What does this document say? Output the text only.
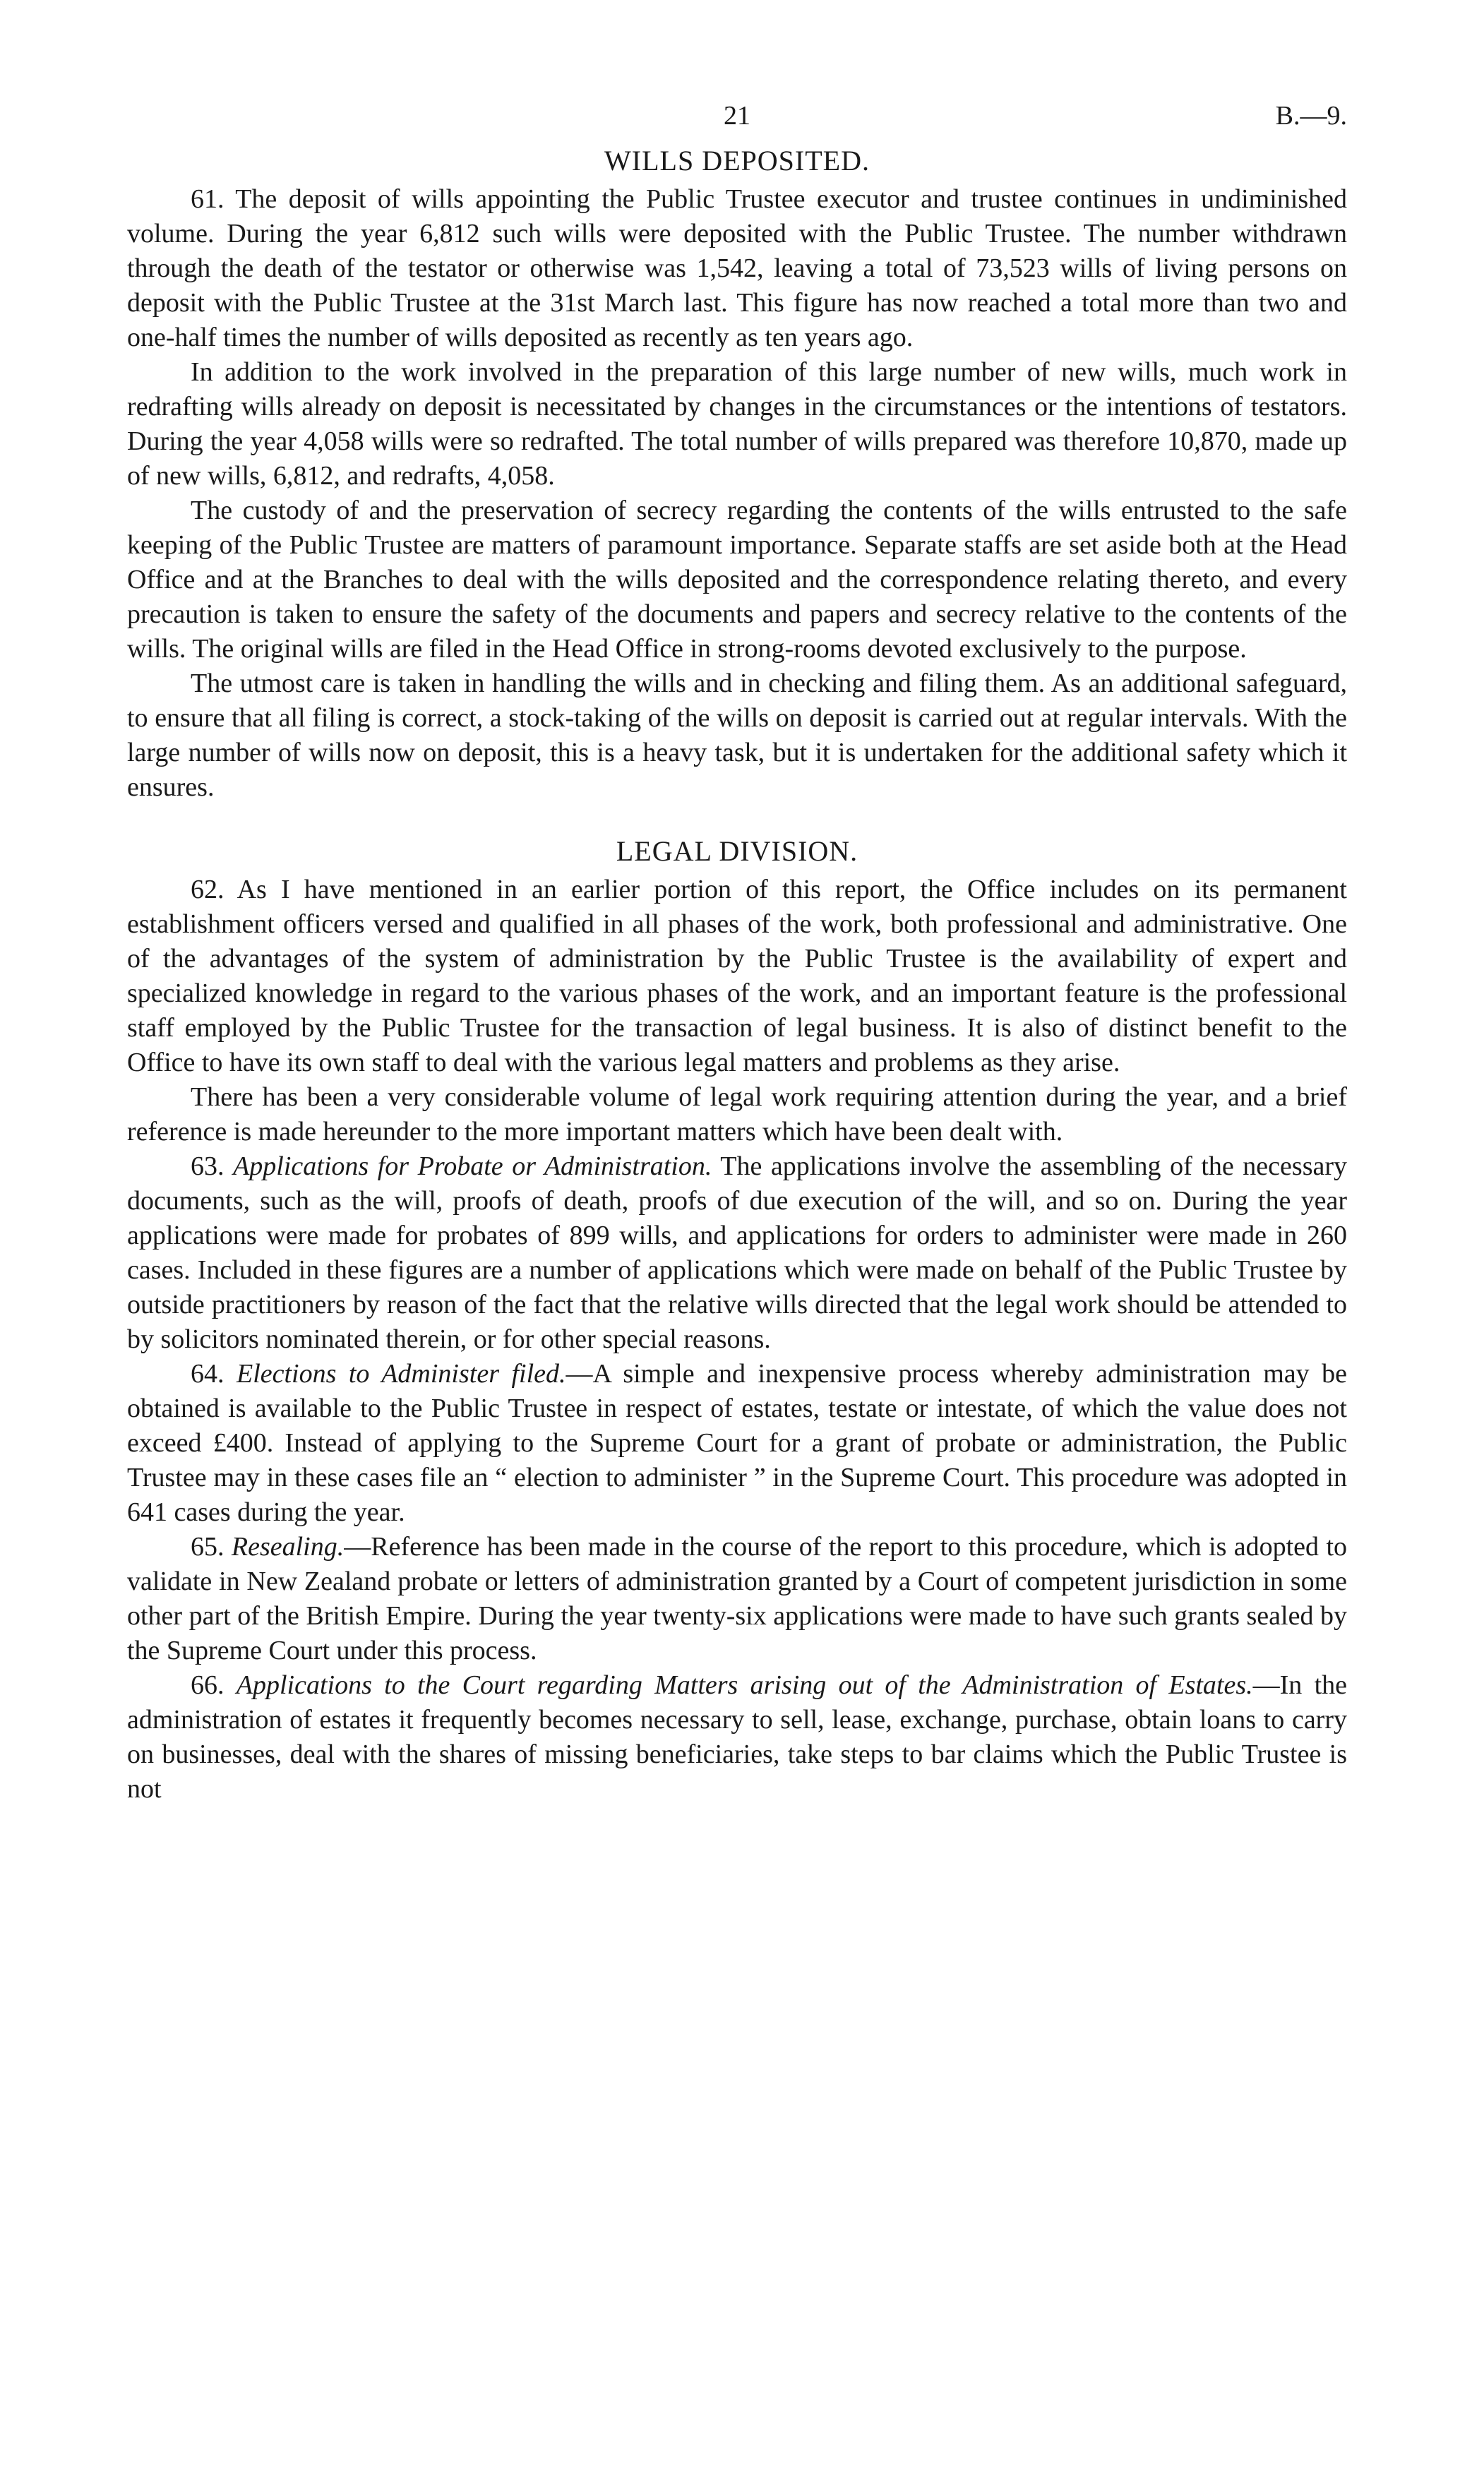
21	B.—9.
WILLS DEPOSITED.

61. The deposit of wills appointing the Public Trustee executor and trustee continues in undiminished volume. During the year 6,812 such wills were deposited with the Public Trustee. The number withdrawn through the death of the testator or otherwise was 1,542, leaving a total of 73,523 wills of living persons on deposit with the Public Trustee at the 31st March last. This figure has now reached a total more than two and one-half times the number of wills deposited as recently as ten years ago.

In addition to the work involved in the preparation of this large number of new wills, much work in redrafting wills already on deposit is necessitated by changes in the circumstances or the intentions of testators. During the year 4,058 wills were so redrafted. The total number of wills prepared was therefore 10,870, made up of new wills, 6,812, and redrafts, 4,058.

The custody of and the preservation of secrecy regarding the contents of the wills entrusted to the safe keeping of the Public Trustee are matters of paramount importance. Separate staffs are set aside both at the Head Office and at the Branches to deal with the wills deposited and the correspondence relating thereto, and every precaution is taken to ensure the safety of the documents and papers and secrecy relative to the contents of the wills. The original wills are filed in the Head Office in strong-rooms devoted exclusively to the purpose.

The utmost care is taken in handling the wills and in checking and filing them. As an additional safeguard, to ensure that all filing is correct, a stock-taking of the wills on deposit is carried out at regular intervals. With the large number of wills now on deposit, this is a heavy task, but it is undertaken for the additional safety which it ensures.

LEGAL DIVISION.

62. As I have mentioned in an earlier portion of this report, the Office includes on its permanent establishment officers versed and qualified in all phases of the work, both professional and administrative. One of the advantages of the system of administration by the Public Trustee is the availability of expert and specialized knowledge in regard to the various phases of the work, and an important feature is the professional staff employed by the Public Trustee for the transaction of legal business. It is also of distinct benefit to the Office to have its own staff to deal with the various legal matters and problems as they arise.

There has been a very considerable volume of legal work requiring attention during the year, and a brief reference is made hereunder to the more important matters which have been dealt with.

63. Applications for Probate or Administration. The applications involve the assembling of the necessary documents, such as the will, proofs of death, proofs of due execution of the will, and so on. During the year applications were made for probates of 899 wills, and applications for orders to administer were made in 260 cases. Included in these figures are a number of applications which were made on behalf of the Public Trustee by outside practitioners by reason of the fact that the relative wills directed that the legal work should be attended to by solicitors nominated therein, or for other special reasons.

64. Elections to Administer filed.—A simple and inexpensive process whereby administration may be obtained is available to the Public Trustee in respect of estates, testate or intestate, of which the value does not exceed £400. Instead of applying to the Supreme Court for a grant of probate or administration, the Public Trustee may in these cases file an “ election to administer ” in the Supreme Court. This procedure was adopted in 641 cases during the year.

65. Resealing.—Reference has been made in the course of the report to this procedure, which is adopted to validate in New Zealand probate or letters of administration granted by a Court of competent jurisdiction in some other part of the British Empire. During the year twenty-six applications were made to have such grants sealed by the Supreme Court under this process.

66. Applications to the Court regarding Matters arising out of the Administration of Estates.—In the administration of estates it frequently becomes necessary to sell, lease, exchange, purchase, obtain loans to carry on businesses, deal with the shares of missing beneficiaries, take steps to bar claims which the Public Trustee is not
